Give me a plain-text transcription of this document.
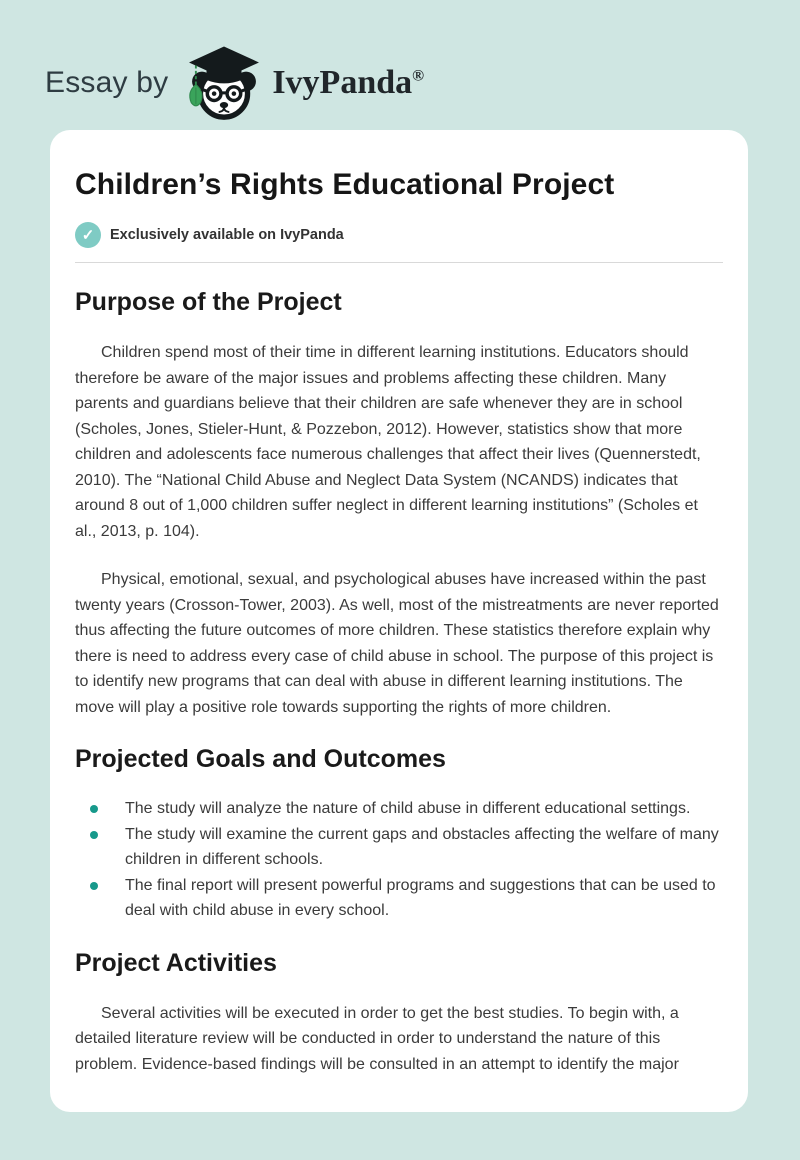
Essay by	IvyPanda®
Children’s Rights Educational Project
✓	Exclusively available on IvyPanda
Purpose of the Project

Children spend most of their time in different learning institutions. Educators should therefore be aware of the major issues and problems affecting these children. Many parents and guardians believe that their children are safe whenever they are in school (Scholes, Jones, Stieler-Hunt, & Pozzebon, 2012). However, statistics show that more children and adolescents face numerous challenges that affect their lives (Quennerstedt, 2010). The “National Child Abuse and Neglect Data System (NCANDS) indicates that around 8 out of 1,000 children suffer neglect in different learning institutions” (Scholes et al., 2013, p. 104).

Physical, emotional, sexual, and psychological abuses have increased within the past twenty years (Crosson-Tower, 2003). As well, most of the mistreatments are never reported thus affecting the future outcomes of more children. These statistics therefore explain why there is need to address every case of child abuse in school. The purpose of this project is to identify new programs that can deal with abuse in different learning institutions. The move will play a positive role towards supporting the rights of more children.

Projected Goals and Outcomes
The study will analyze the nature of child abuse in different educational settings.
The study will examine the current gaps and obstacles affecting the welfare of many children in different schools.
The final report will present powerful programs and suggestions that can be used to deal with child abuse in every school.
Project Activities

Several activities will be executed in order to get the best studies. To begin with, a detailed literature review will be conducted in order to understand the nature of this problem. Evidence-based findings will be consulted in an attempt to identify the major
